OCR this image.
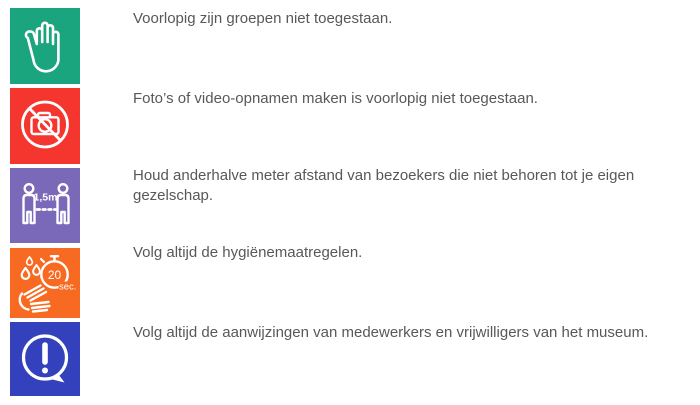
Voorlopig zijn groepen niet toegestaan.
Foto’s of video-opnamen maken is voorlopig niet toegestaan.
1,5m
Houd anderhalve meter afstand van bezoekers die niet behoren tot je eigen gezelschap.
20
sec.
Volg altijd de hygiënemaatregelen.
Volg altijd de aanwijzingen van medewerkers en vrijwilligers van het museum.
